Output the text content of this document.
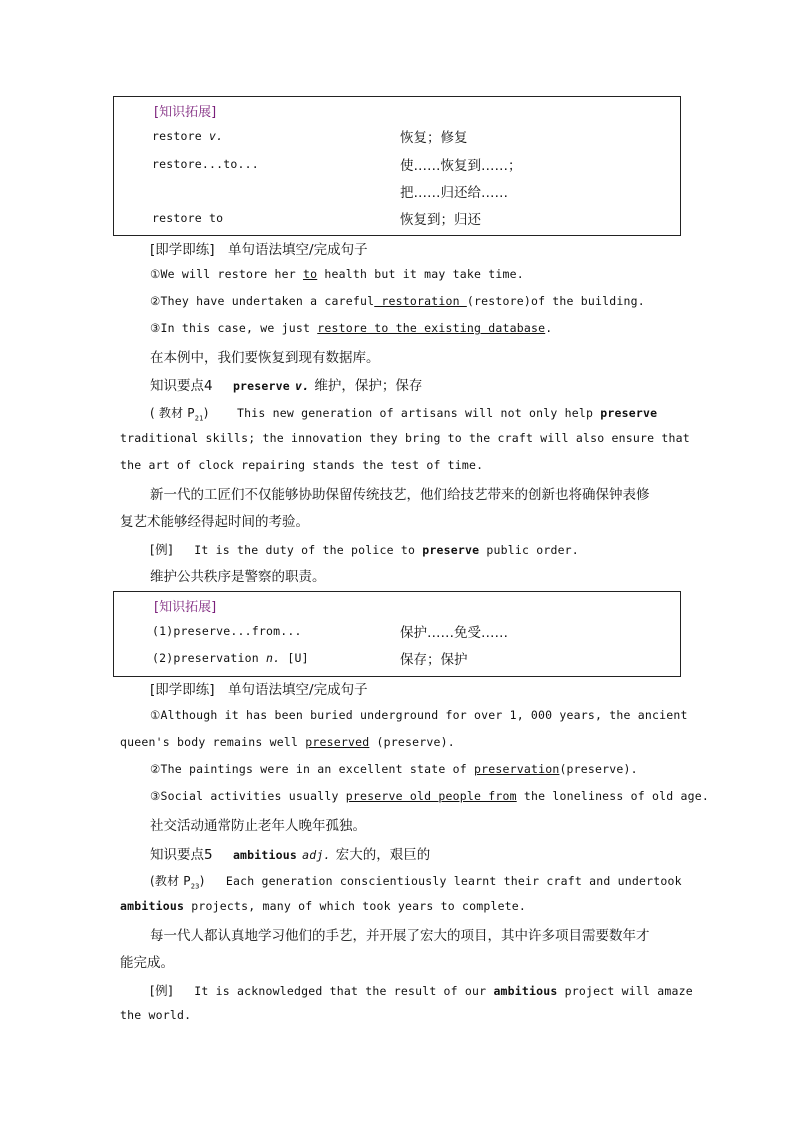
[知识拓展]
restore v.	恢复；修复
restore...to...	使……恢复到……；
把……归还给……
restore to	恢复到；归还
[即学即练]　单句语法填空/完成句子
①We will restore her to health but it may take time.
②They have undertaken a careful restoration (restore)of the building.
③In this case, we just restore to the existing database.
在本例中，我们要恢复到现有数据库。
知识要点4 preserve v. 维护，保护；保存
( 教材 $P_{21}$) This new generation of artisans will not only help preserve
traditional skills; the innovation they bring to the craft will also ensure that
the art of clock repairing stands the test of time.
新一代的工匠们不仅能够协助保留传统技艺，他们给技艺带来的创新也将确保钟表修
复艺术能够经得起时间的考验。
[例] It is the duty of the police to preserve public order.
维护公共秩序是警察的职责。
[知识拓展]
(1)preserve...from...	保护……免受……
(2)preservation n. [U]	保存；保护
[即学即练]　单句语法填空/完成句子
①Although it has been buried underground for over 1, 000 years, the ancient
queen's body remains well preserved (preserve).
②The paintings were in an excellent state of preservation(preserve).
③Social activities usually preserve old people from the loneliness of old age.
社交活动通常防止老年人晚年孤独。
知识要点5 ambitious adj. 宏大的，艰巨的
(教材 $P_{23}$) Each generation conscientiously learnt their craft and undertook
ambitious projects, many of which took years to complete.
每一代人都认真地学习他们的手艺，并开展了宏大的项目，其中许多项目需要数年才
能完成。
[例] It is acknowledged that the result of our ambitious project will amaze
the world.
